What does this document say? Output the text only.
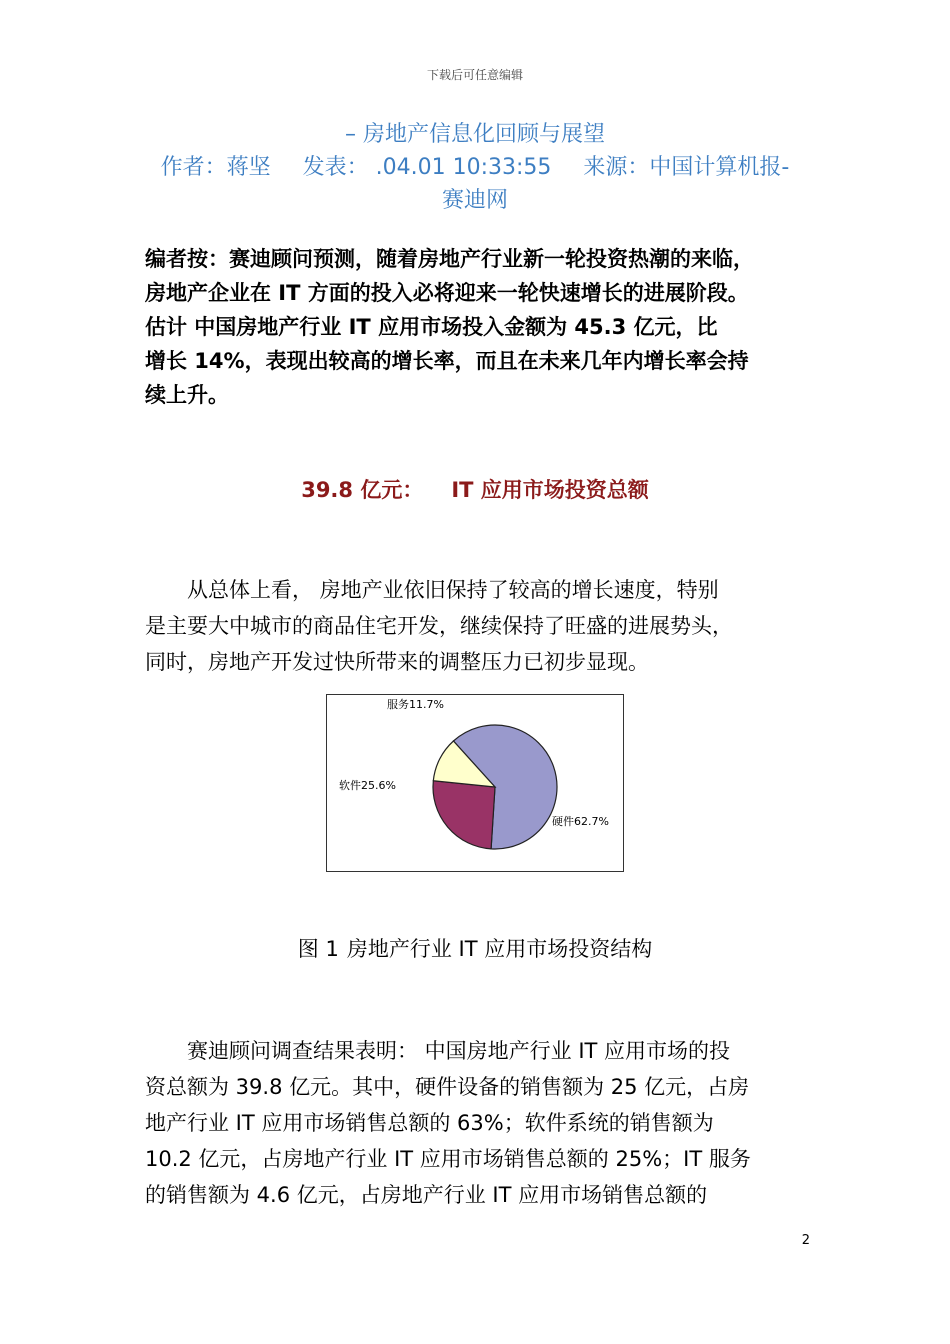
下载后可任意编辑
– 房地产信息化回顾与展望
作者：蒋坚 发表： .04.01 10:33:55 来源：中国计算机报-
赛迪网

编者按：赛迪顾问预测，随着房地产行业新一轮投资热潮的来临，

房地产企业在 IT 方面的投入必将迎来一轮快速增长的进展阶段。

估计 中国房地产行业 IT 应用市场投入金额为 45.3 亿元，比

增长 14%，表现出较高的增长率，而且在未来几年内增长率会持

续上升。

39.8 亿元： IT 应用市场投资总额

从总体上看， 房地产业依旧保持了较高的增长速度，特别

是主要大中城市的商品住宅开发，继续保持了旺盛的进展势头，

同时，房地产开发过快所带来的调整压力已初步显现。

硬件62.7%
软件25.6%
服务11.7%
图 1 房地产行业 IT 应用市场投资结构

赛迪顾问调查结果表明： 中国房地产行业 IT 应用市场的投

资总额为 39.8 亿元。其中，硬件设备的销售额为 25 亿元，占房

地产行业 IT 应用市场销售总额的 63%；软件系统的销售额为

10.2 亿元，占房地产行业 IT 应用市场销售总额的 25%；IT 服务

的销售额为 4.6 亿元，占房地产行业 IT 应用市场销售总额的

2
